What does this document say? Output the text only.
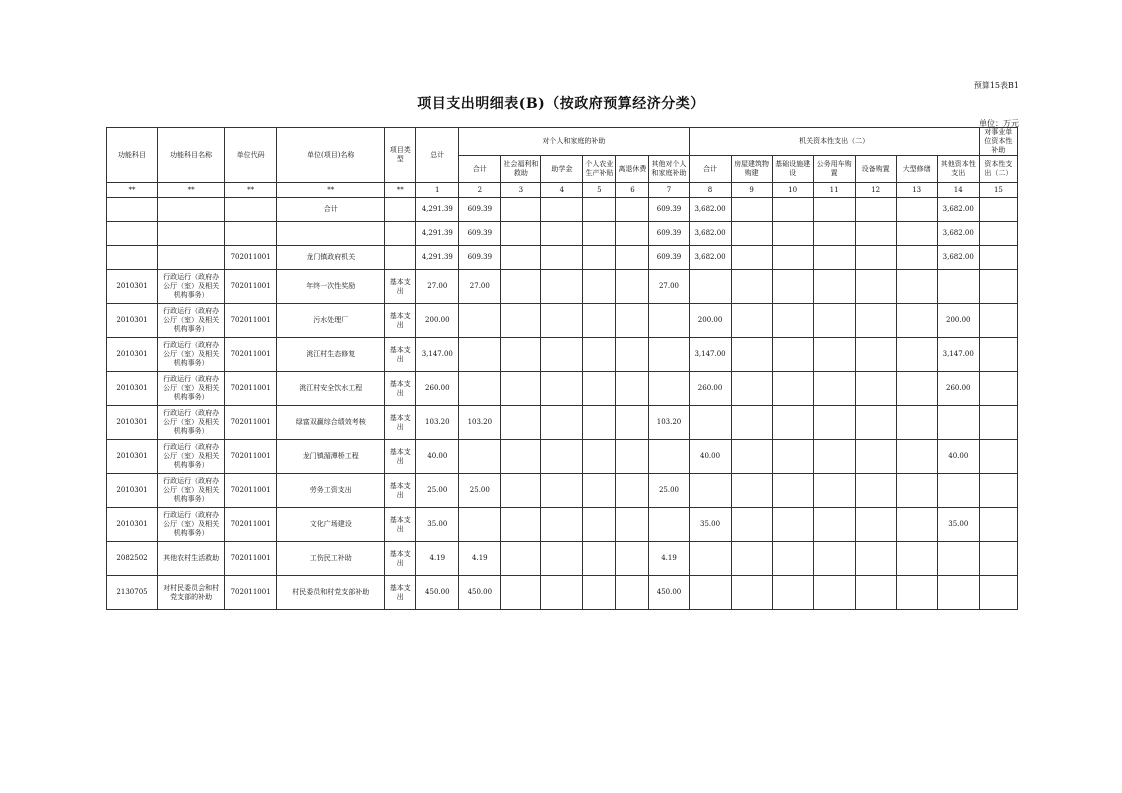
预算15表B1
项目支出明细表(B)（按政府预算经济分类）
单位：万元
功能科目	功能科目名称	单位代码	单位(项目)名称	项目类型	总计	对个人和家庭的补助						机关资本性支出（二）							对事业单位资本性补助
						合计	社会福利和救助	助学金	个人农业生产补贴	离退休费	其他对个人和家庭补助	合计	房屋建筑物购建	基础设施建设	公务用车购置	设备购置	大型修缮	其他资本性支出	资本性支出（二）
**	**	**	**	**	1	2	3	4	5	6	7	8	9	10	11	12	13	14	15
			合计		4,291.39	609.39					609.39	3,682.00						3,682.00	
					4,291.39	609.39					609.39	3,682.00						3,682.00	
		702011001	龙门镇政府机关		4,291.39	609.39					609.39	3,682.00						3,682.00	
2010301	行政运行（政府办公厅（室）及相关机构事务）	702011001	年终一次性奖励	基本支出	27.00	27.00					27.00								
2010301	行政运行（政府办公厅（室）及相关机构事务）	702011001	污水处理厂	基本支出	200.00							200.00						200.00	
2010301	行政运行（政府办公厅（室）及相关机构事务）	702011001	洮江村生态修复	基本支出	3,147.00							3,147.00						3,147.00	
2010301	行政运行（政府办公厅（室）及相关机构事务）	702011001	洮江村安全饮水工程	基本支出	260.00							260.00						260.00	
2010301	行政运行（政府办公厅（室）及相关机构事务）	702011001	绿富双赢综合绩效考核	基本支出	103.20	103.20					103.20								
2010301	行政运行（政府办公厅（室）及相关机构事务）	702011001	龙门镇湄潭桥工程	基本支出	40.00							40.00						40.00	
2010301	行政运行（政府办公厅（室）及相关机构事务）	702011001	劳务工资支出	基本支出	25.00	25.00					25.00								
2010301	行政运行（政府办公厅（室）及相关机构事务）	702011001	文化广场建设	基本支出	35.00							35.00						35.00	
2082502	其他农村生活救助	702011001	工伤民工补助	基本支出	4.19	4.19					4.19								
2130705	对村民委员会和村党支部的补助	702011001	村民委员和村党支部补助	基本支出	450.00	450.00					450.00								
